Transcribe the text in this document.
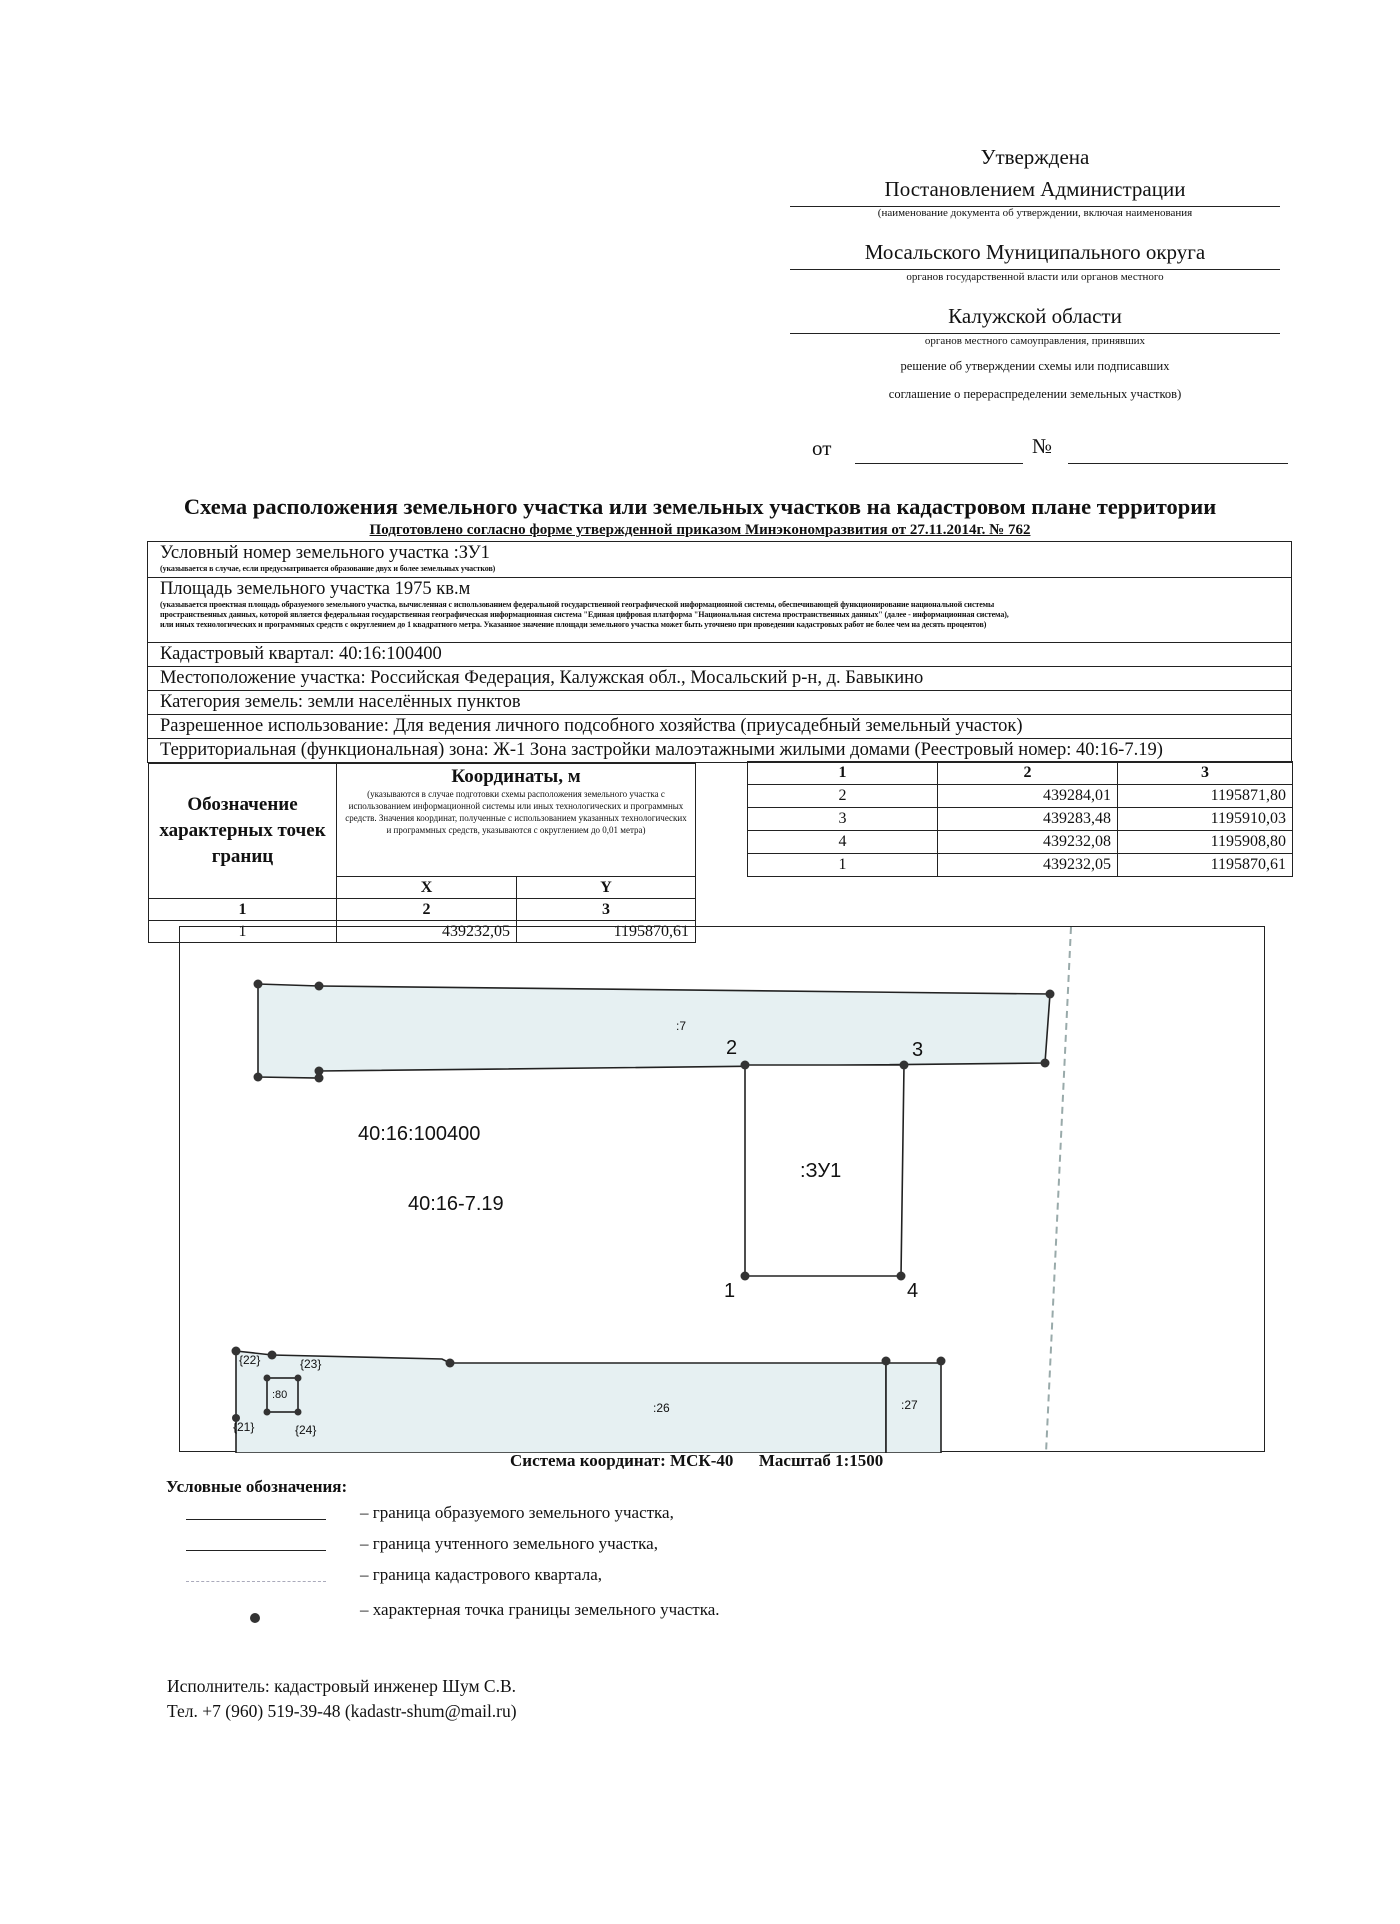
Утверждена
Постановлением Администрации
(наименование документа об утверждении, включая наименования
Мосальского Муниципального округа
органов государственной власти или органов местного
Калужской области
органов местного самоуправления, принявших
решение об утверждении схемы или подписавших
соглашение о перераспределении земельных участков)
от	№
Схема расположения земельного участка или земельных участков на кадастровом плане территории
Подготовлено согласно форме утвержденной приказом Минэкономразвития от 27.11.2014г. № 762
Условный номер земельного участка :ЗУ1
(указывается в случае, если предусматривается образование двух и более земельных участков)
Площадь земельного участка 1975 кв.м
(указывается проектная площадь образуемого земельного участка, вычисленная с использованием федеральной государственной географической информационной системы, обеспечивающей функционирование национальной системы
пространственных данных, которой является федеральная государственная географическая информационная система "Единая цифровая платформа "Национальная система пространственных данных" (далее - информационная система),
или иных технологических и программных средств с округлением до 1 квадратного метра. Указанное значение площади земельного участка может быть уточнено при проведении кадастровых работ не более чем на десять процентов)
Кадастровый квартал: 40:16:100400
Местоположение участка: Российская Федерация, Калужская обл., Мосальский р-н, д. Бавыкино
Категория земель: земли населённых пунктов
Разрешенное использование: Для ведения личного подсобного хозяйства (приусадебный земельный участок)
Территориальная (функциональная) зона: Ж-1 Зона застройки малоэтажными жилыми домами (Реестровый номер: 40:16-7.19)
Обозначение характерных точек границ	Координаты, м
(указываются в случае подготовки схемы расположения земельного участка с использованием информационной системы или иных технологических и программных средств. Значения координат, полученные с использованием указанных технологических и программных средств, указываются с округлением до 0,01 метра)	

	X	Y
1	2	3
1	439232,05	1195870,61
1	2	3
2	439284,01	1195871,80
3	439283,48	1195910,03
4	439232,08	1195908,80
1	439232,05	1195870,61
:7
2	3
40:16:100400
:ЗУ1
40:16-7.19
1	4
{22}	{23}
:80
:26	:27
{21}	{24}
Система координат: МСК-40      Масштаб 1:1500
Условные обозначения:
– граница образуемого земельного участка,
– граница учтенного земельного участка,
– граница кадастрового квартала,
– характерная точка границы земельного участка.
Исполнитель: кадастровый инженер Шум С.В.
Тел. +7 (960) 519-39-48 (kadastr-shum@mail.ru)
